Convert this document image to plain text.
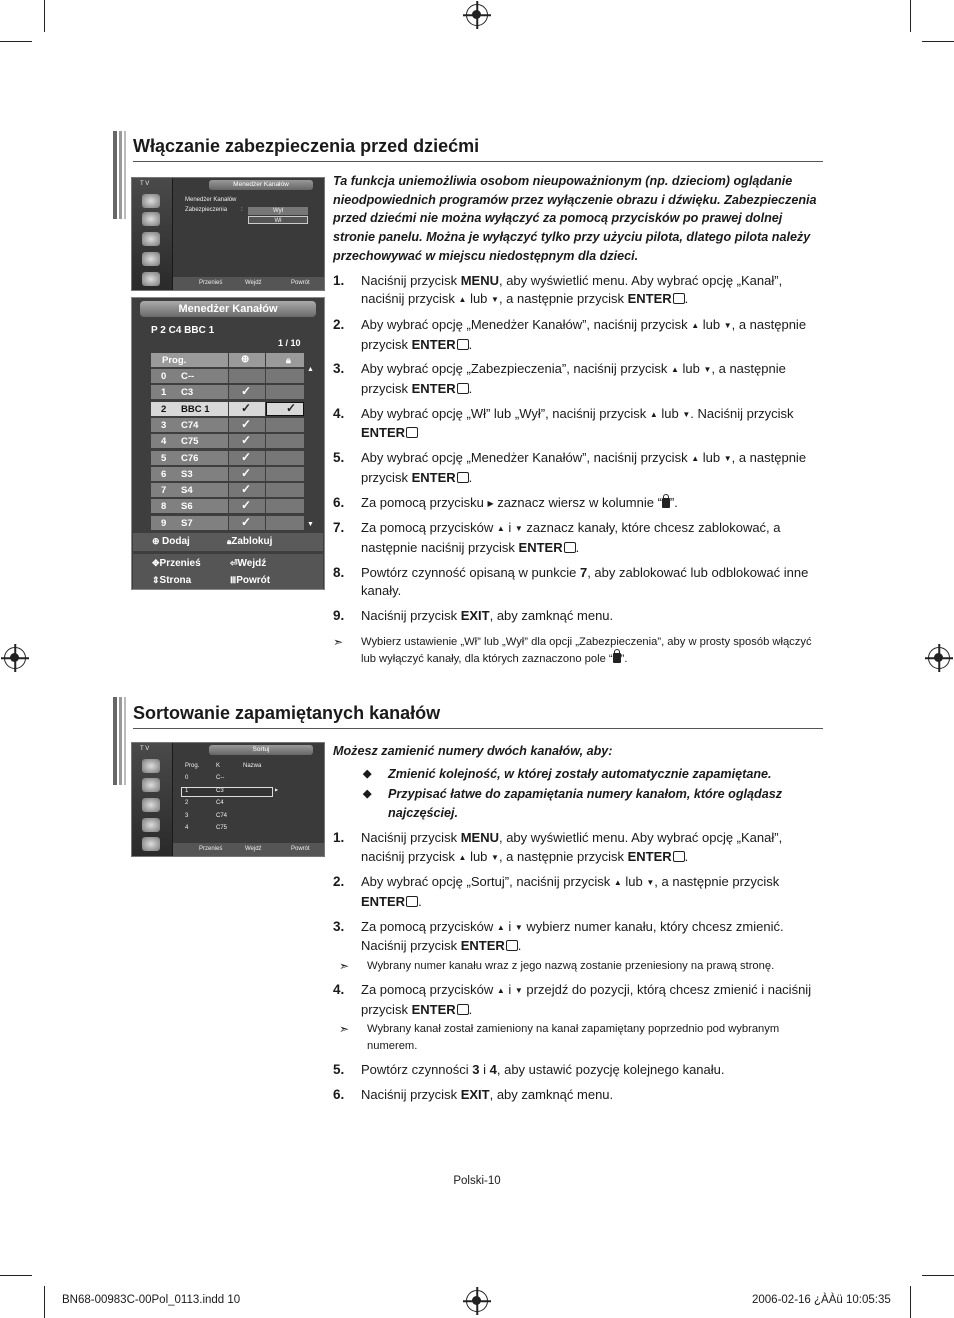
Włączanie zabezpieczenia przed dziećmi
T V	Menedżer Kanałów
Menedżer Kanałów
Zabezpieczenia :	Wył
Wł
Przenieś	Wejdź	Powrót
Menedżer Kanałów
P 2 C4 BBC 1
1 / 10
Prog.	⊕	🔒︎
0 C--
1 C3	✓
2 BBC 1	✓	✓
3 C74	✓
4 C75	✓
5 C76	✓
6 S3	✓
7 S4	✓
8 S6	✓
9 S7	✓
▲
▼
⊕ Dodaj	🔒︎Zablokuj
✥Przenieś	⏎Wejdź
⇕Strona	ⅢPowrót
Ta funkcja uniemożliwia osobom nieupoważnionym (np. dzieciom) oglądanie nieodpowiednich programów przez wyłączenie obrazu i dźwięku. Zabezpieczenia przed dziećmi nie można wyłączyć za pomocą przycisków po prawej dolnej stronie panelu. Można je wyłączyć tylko przy użyciu pilota, dlatego pilota należy przechowywać w miejscu niedostępnym dla dzieci.
1. Naciśnij przycisk MENU, aby wyświetlić menu. Aby wybrać opcję „Kanał”, naciśnij przycisk ▲ lub ▼, a następnie przycisk ENTER .
2. Aby wybrać opcję „Menedżer Kanałów”, naciśnij przycisk ▲ lub ▼, a następnie przycisk ENTER .
3. Aby wybrać opcję „Zabezpieczenia”, naciśnij przycisk ▲ lub ▼, a następnie przycisk ENTER .
4. Aby wybrać opcję „Wł” lub „Wył”, naciśnij przycisk ▲ lub ▼. Naciśnij przycisk ENTER
5. Aby wybrać opcję „Menedżer Kanałów”, naciśnij przycisk ▲ lub ▼, a następnie przycisk ENTER .
6. Za pomocą przycisku ▶ zaznacz wiersz w kolumnie “ ”.
7. Za pomocą przycisków ▲ i ▼ zaznacz kanały, które chcesz zablokować, a następnie naciśnij przycisk ENTER .
8. Powtórz czynność opisaną w punkcie 7, aby zablokować lub odblokować inne kanały.
9. Naciśnij przycisk EXIT, aby zamknąć menu.
➣ Wybierz ustawienie „Wł” lub „Wył” dla opcji „Zabezpieczenia”, aby w prosty sposób włączyć lub wyłączyć kanały, dla których zaznaczono pole “ ”.
Sortowanie zapamiętanych kanałów
T V	Sortuj
Prog.	K	Nazwa
0	C--
1	C3
2	C4
3	C74
4	C75
▶
Przenieś	Wejdź	Powrót
Możesz zamienić numery dwóch kanałów, aby:
◆ Zmienić kolejność, w której zostały automatycznie zapamiętane.
◆ Przypisać łatwe do zapamiętania numery kanałom, które oglądasz najczęściej.
1. Naciśnij przycisk MENU, aby wyświetlić menu. Aby wybrać opcję „Kanał”, naciśnij przycisk ▲ lub ▼, a następnie przycisk ENTER .
2. Aby wybrać opcję „Sortuj”, naciśnij przycisk ▲ lub ▼, a następnie przycisk ENTER .
3. Za pomocą przycisków ▲ i ▼ wybierz numer kanału, który chcesz zmienić. Naciśnij przycisk ENTER .
➣ Wybrany numer kanału wraz z jego nazwą zostanie przeniesiony na prawą stronę.
4. Za pomocą przycisków ▲ i ▼ przejdź do pozycji, którą chcesz zmienić i naciśnij przycisk ENTER .
➣ Wybrany kanał został zamieniony na kanał zapamiętany poprzednio pod wybranym numerem.
5. Powtórz czynności 3 i 4, aby ustawić pozycję kolejnego kanału.
6. Naciśnij przycisk EXIT, aby zamknąć menu.
Polski-10
BN68-00983C-00Pol_0113.indd 10	2006-02-16 ¿ÀÀü 10:05:35
